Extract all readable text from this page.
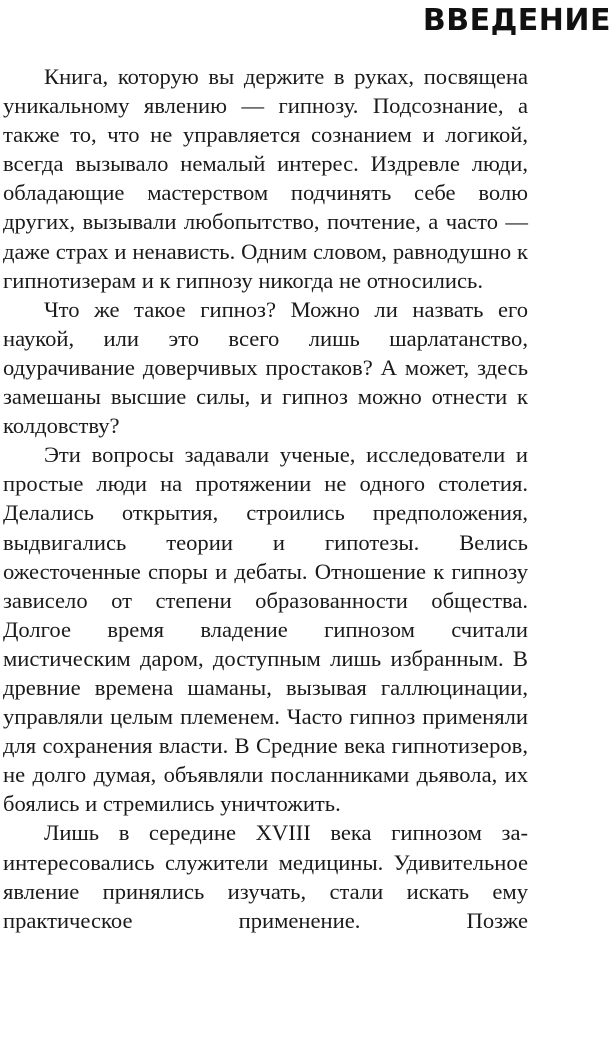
ВВЕДЕНИЕ

Книга, которую вы держите в руках, посвящена уникальному явлению — гипнозу. Подсознание, а также то, что не управляется сознанием и логикой, всегда вызывало немалый интерес. Издревле люди, обладающие мастерством подчинять себе волю других, вызывали любопытство, почтение, а часто — даже страх и ненависть. Одним словом, равнодушно к гипнотизерам и к гипнозу никогда не относились.

Что же такое гипноз? Можно ли назвать его наукой, или это всего лишь шарлатанство, одурачивание доверчивых простаков? А может, здесь замешаны высшие силы, и гипноз можно отнести к колдовству?

Эти вопросы задавали ученые, исследователи и простые люди на протяжении не одного столетия. Делались открытия, строились предположения, выдвигались теории и гипотезы. Велись ожесточенные споры и дебаты. Отношение к гипнозу зависело от степени образованности общества. Долгое время владение гипнозом считали мистическим даром, доступным лишь избранным. В древние времена шаманы, вызывая галлюцинации, управляли целым племенем. Часто гипноз применяли для сохранения власти. В Средние века гипнотизеров, не долго думая, объявляли посланниками дьявола, их боялись и стремились уничтожить.

Лишь в середине XVIII века гипнозом заинтересовались служители медицины. Удивительное явление принялись изучать, стали искать ему практическое применение. Позже
